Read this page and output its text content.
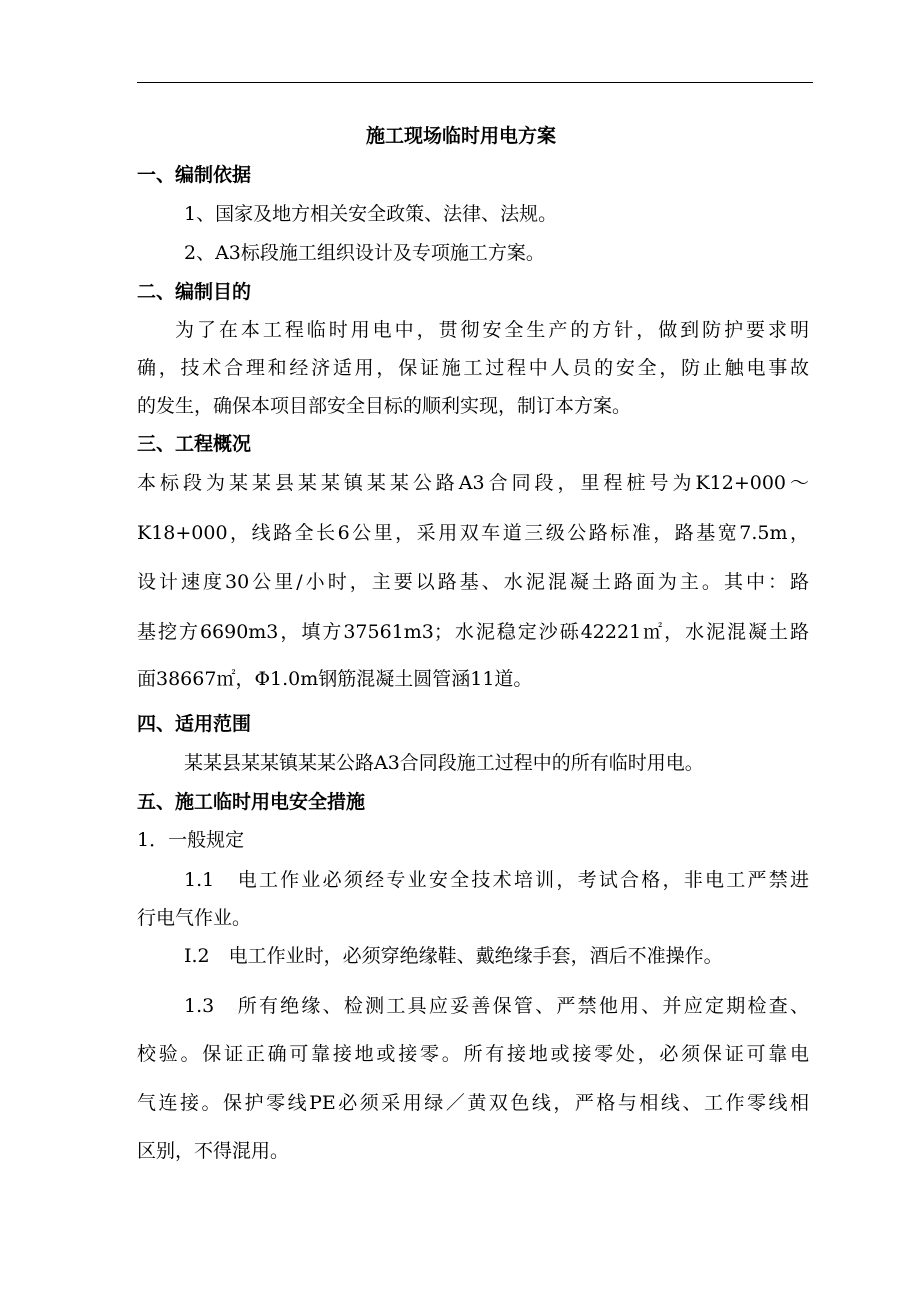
施工现场临时用电方案
一、编制依据
1、国家及地方相关安全政策、法律、法规。
2、A3标段施工组织设计及专项施工方案。
二、编制目的
为了在本工程临时用电中，贯彻安全生产的方针，做到防护要求明
确，技术合理和经济适用，保证施工过程中人员的安全，防止触电事故
的发生，确保本项目部安全目标的顺利实现，制订本方案。
三、工程概况
本标段为某某县某某镇某某公路A3合同段，里程桩号为K12+000～
K18+000，线路全长6公里，采用双车道三级公路标准，路基宽7.5m，
设计速度30公里/小时，主要以路基、水泥混凝土路面为主。其中：路
基挖方6690m3，填方37561m3；水泥稳定沙砾42221㎡，水泥混凝土路
面38667㎡，Φ1.0m钢筋混凝土圆管涵11道。
四、适用范围
某某县某某镇某某公路A3合同段施工过程中的所有临时用电。
五、施工临时用电安全措施
1．一般规定
1.1　电工作业必须经专业安全技术培训，考试合格，非电工严禁进
行电气作业。
I.2　电工作业时，必须穿绝缘鞋、戴绝缘手套，酒后不准操作。
1.3　所有绝缘、检测工具应妥善保管、严禁他用、并应定期检查、
校验。保证正确可靠接地或接零。所有接地或接零处，必须保证可靠电
气连接。保护零线PE必须采用绿／黄双色线，严格与相线、工作零线相
区别，不得混用。
